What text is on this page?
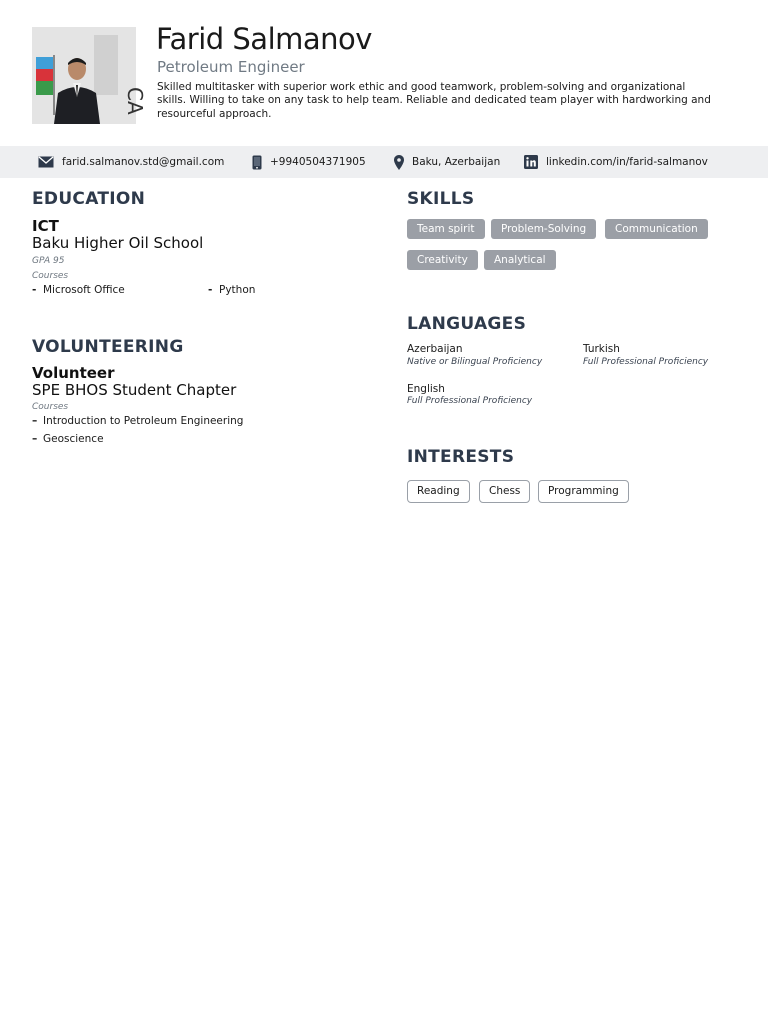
CA
Farid Salmanov
Petroleum Engineer
Skilled multitasker with superior work ethic and good teamwork, problem-solving and organizational skills. Willing to take on any task to help team. Reliable and dedicated team player with hardworking and resourceful approach.
farid.salmanov.std@gmail.com	+9940504371905	Baku, Azerbaijan	linkedin.com/in/farid-salmanov
EDUCATION
ICT
Baku Higher Oil School
GPA 95
Courses
- Microsoft Office	- Python
VOLUNTEERING
Volunteer
SPE BHOS Student Chapter
Courses
– Introduction to Petroleum Engineering
– Geoscience
SKILLS
Team spirit	Problem-Solving	Communication
Creativity	Analytical
LANGUAGES
Azerbaijan
Native or Bilingual Proficiency
Turkish
Full Professional Proficiency
English
Full Professional Proficiency
INTERESTS
Reading	Chess	Programming
